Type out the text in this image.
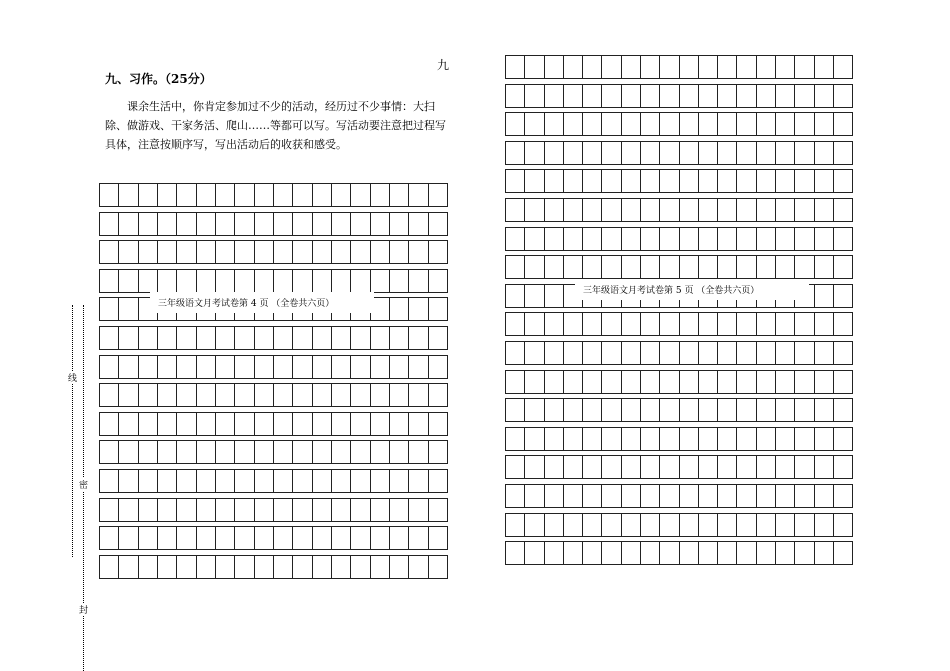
线
密
封
九
九、习作。（25分）
课余生活中，你肯定参加过不少的活动，经历过不少事情：大扫除、做游戏、干家务活、爬山……等都可以写。写活动要注意把过程写具体，注意按顺序写，写出活动后的收获和感受。
三年级语文月考试卷第 4 页 （全卷共六页）
三年级语文月考试卷第 5 页 （全卷共六页）
